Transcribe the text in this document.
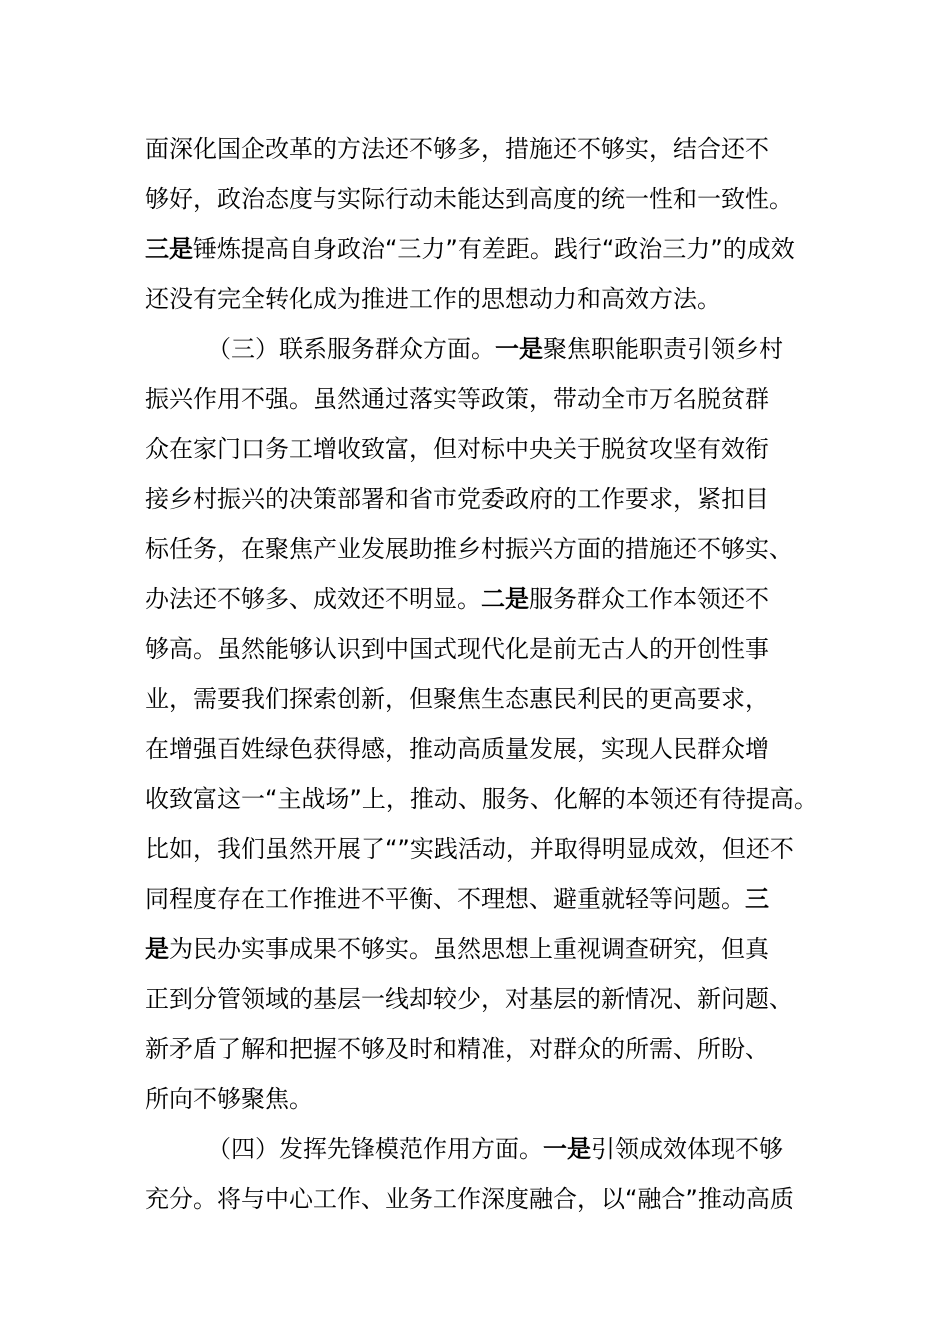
面深化国企改革的方法还不够多，措施还不够实，结合还不
够好，政治态度与实际行动未能达到高度的统一性和一致性。
三是锤炼提高自身政治“三力”有差距。践行“政治三力”的成效
还没有完全转化成为推进工作的思想动力和高效方法。
（三）联系服务群众方面。一是聚焦职能职责引领乡村
振兴作用不强。虽然通过落实等政策，带动全市万名脱贫群
众在家门口务工增收致富，但对标中央关于脱贫攻坚有效衔
接乡村振兴的决策部署和省市党委政府的工作要求，紧扣目
标任务，在聚焦产业发展助推乡村振兴方面的措施还不够实、
办法还不够多、成效还不明显。二是服务群众工作本领还不
够高。虽然能够认识到中国式现代化是前无古人的开创性事
业，需要我们探索创新，但聚焦生态惠民利民的更高要求，
在增强百姓绿色获得感，推动高质量发展，实现人民群众增
收致富这一“主战场”上，推动、服务、化解的本领还有待提高。
比如，我们虽然开展了“”实践活动，并取得明显成效，但还不
同程度存在工作推进不平衡、不理想、避重就轻等问题。三
是为民办实事成果不够实。虽然思想上重视调查研究，但真
正到分管领域的基层一线却较少，对基层的新情况、新问题、
新矛盾了解和把握不够及时和精准，对群众的所需、所盼、
所向不够聚焦。
（四）发挥先锋模范作用方面。一是引领成效体现不够
充分。将与中心工作、业务工作深度融合，以“融合”推动高质
